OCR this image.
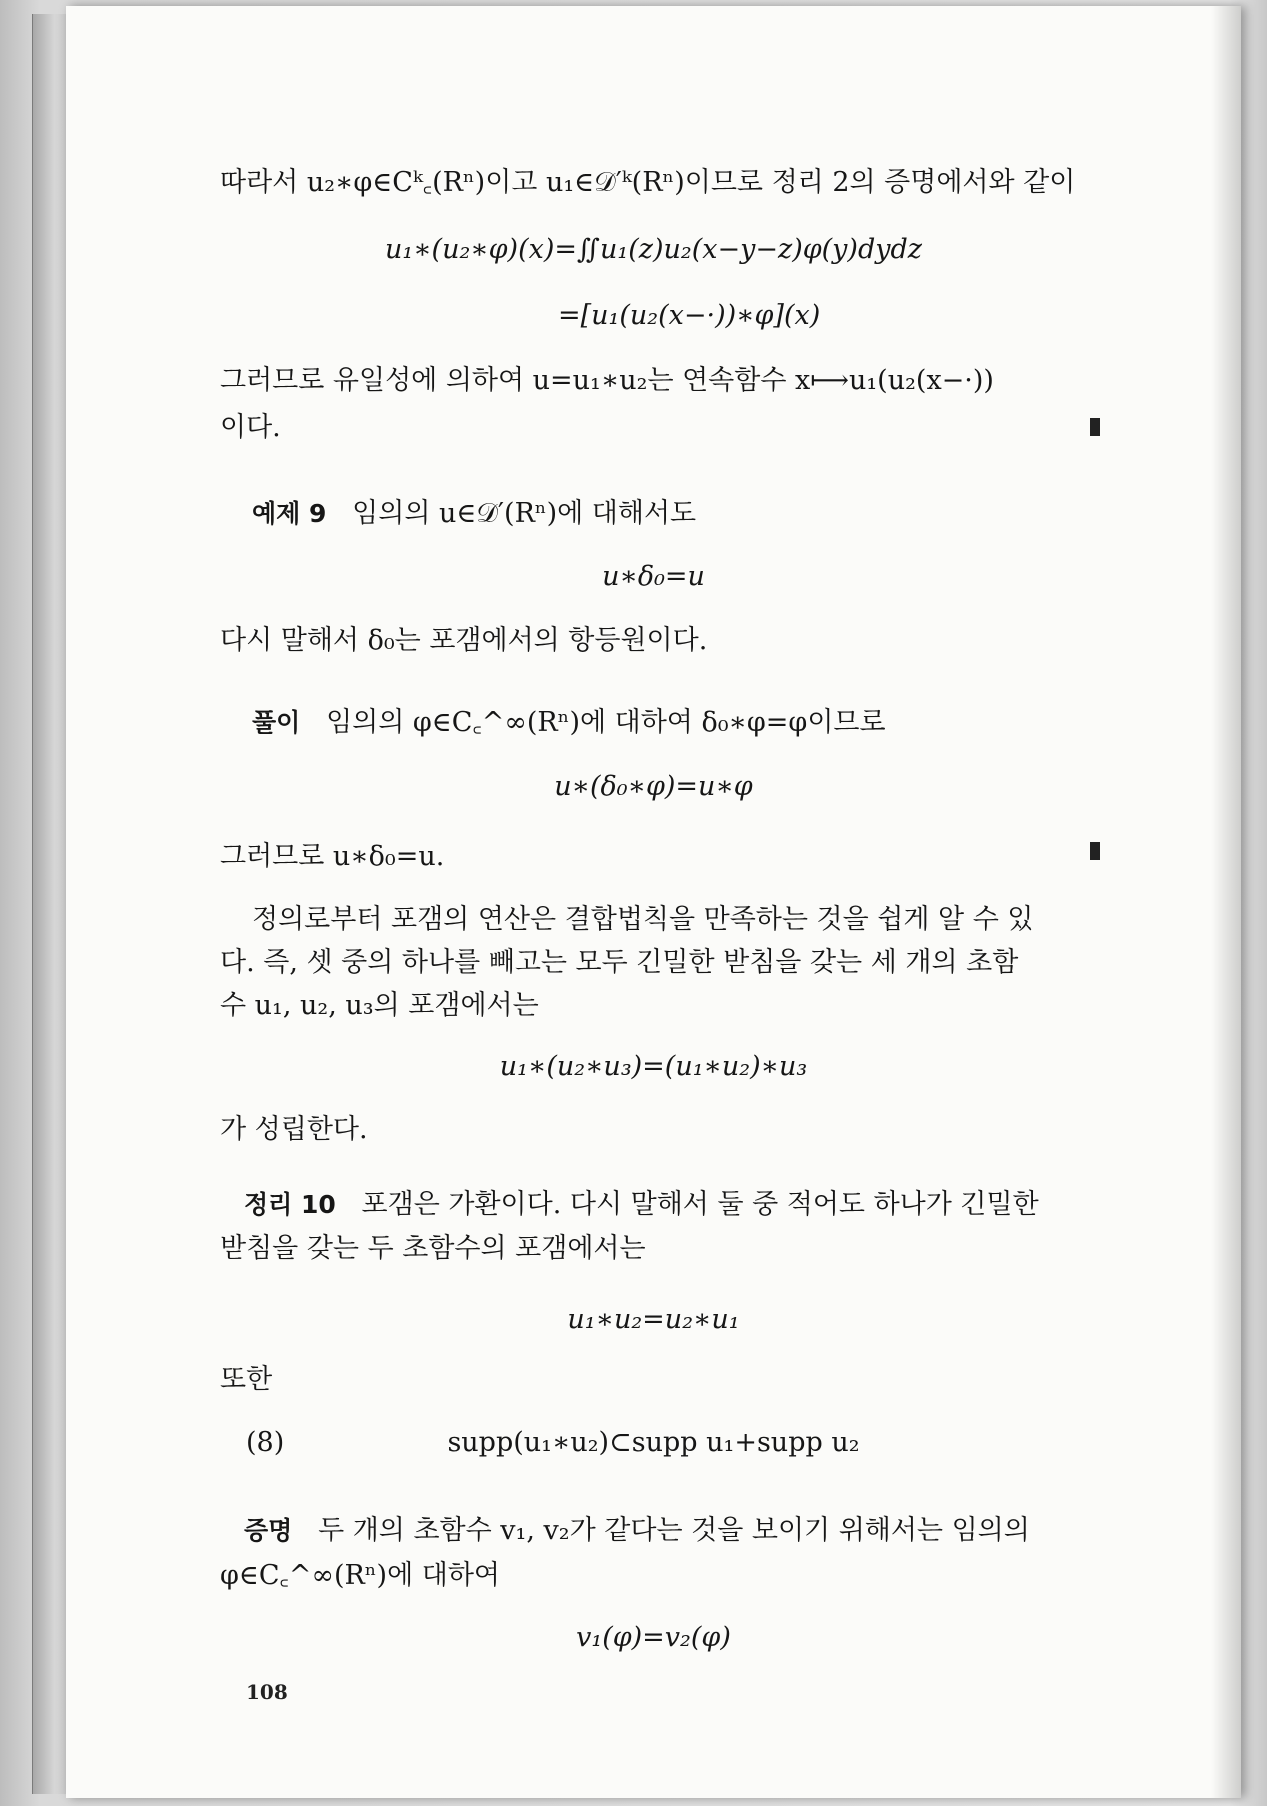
따라서 u₂∗φ∈Cᵏ꜀(Rⁿ)이고 u₁∈𝒟′ᵏ(Rⁿ)이므로 정리 2의 증명에서와 같이
u₁∗(u₂∗φ)(x)=∬u₁(z)u₂(x−y−z)φ(y)dydz
=[u₁(u₂(x−·))∗φ](x)
그러므로 유일성에 의하여 u=u₁∗u₂는 연속함수 x⟼u₁(u₂(x−·))
이다.
예제 9 임의의 u∈𝒟′(Rⁿ)에 대해서도
u∗δ₀=u
다시 말해서 δ₀는 포갬에서의 항등원이다.
풀이 임의의 φ∈C꜀^∞(Rⁿ)에 대하여 δ₀∗φ=φ이므로
u∗(δ₀∗φ)=u∗φ
그러므로 u∗δ₀=u.
정의로부터 포갬의 연산은 결합법칙을 만족하는 것을 쉽게 알 수 있
다. 즉, 셋 중의 하나를 빼고는 모두 긴밀한 받침을 갖는 세 개의 초함
수 u₁, u₂, u₃의 포갬에서는
u₁∗(u₂∗u₃)=(u₁∗u₂)∗u₃
가 성립한다.
정리 10 포갬은 가환이다. 다시 말해서 둘 중 적어도 하나가 긴밀한
받침을 갖는 두 초함수의 포갬에서는
u₁∗u₂=u₂∗u₁
또한
(8)	supp(u₁∗u₂)⊂supp u₁+supp u₂
증명 두 개의 초함수 v₁, v₂가 같다는 것을 보이기 위해서는 임의의
φ∈C꜀^∞(Rⁿ)에 대하여
v₁(φ)=v₂(φ)
108
